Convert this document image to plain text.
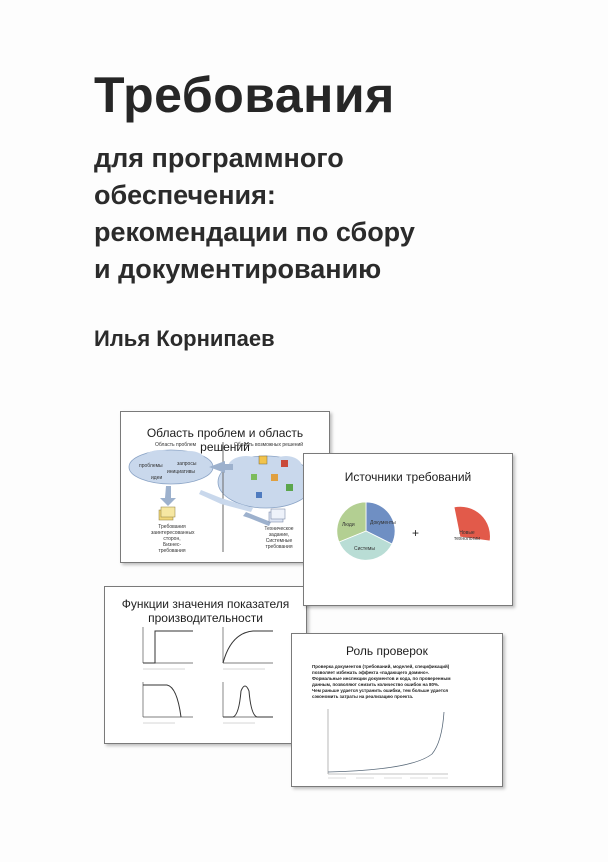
Требования
для программного
обеспечения:
рекомендации по сбору
и документированию
Илья Корнипаев
Область проблем и область решений
Область проблем	Область возможных решений
проблемы	запросы
инициативы
идеи
Требования
заинтересованных
сторон,
Бизнес-требования
Техническое
задание,
Системные
требования
Функции значения показателя
производительности
Источники требований
Люди	Документы
Системы
+	Новые
технологии
Роль проверок
Проверка документов (требований, моделей, спецификаций)
позволяет избежать эффекта «падающего домино».
Формальные инспекции документов и кода, по проверенным
данным, позволяют снизить количество ошибок на 80%.
Чем раньше удается устранить ошибки, тем больше удается
сэкономить затраты на реализацию проекта.
